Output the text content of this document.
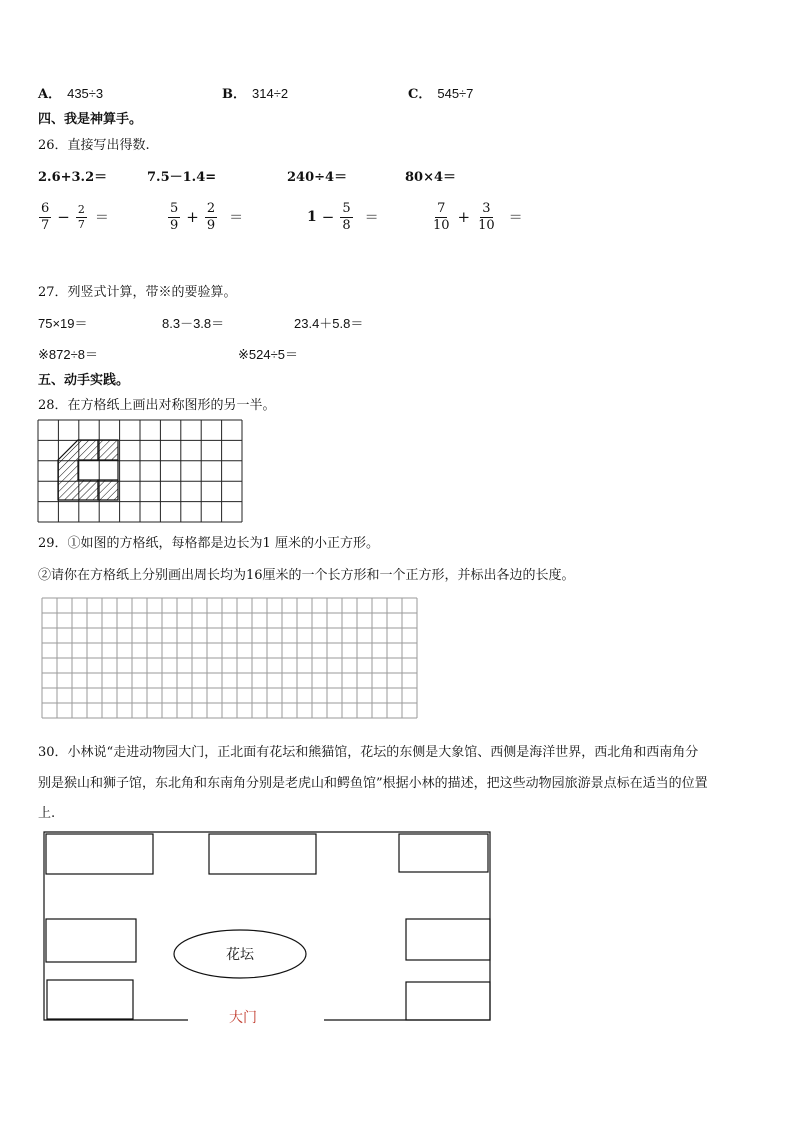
A． 435÷3	B． 314÷2	C． 545÷7
四、我是神算手。
26．直接写出得数.
2.6+3.2＝	7.5－1.4=	240÷4＝	80×4＝
$\frac{6}{7} - \frac{2}{7}$ ＝	$\frac{5}{9} + \frac{2}{9}$ ＝	$1 - \frac{5}{8}$ ＝	$\frac{7}{10} + \frac{3}{10}$ ＝
27．列竖式计算，带※的要验算。
75×19＝	8.3－3.8＝	23.4＋5.8＝
※872÷8＝	※524÷5＝
五、动手实践。
28．在方格纸上画出对称图形的另一半。
29．①如图的方格纸，每格都是边长为1 厘米的小正方形。
②请你在方格纸上分别画出周长均为16厘米的一个长方形和一个正方形，并标出各边的长度。
30．小林说“走进动物园大门，正北面有花坛和熊猫馆，花坛的东侧是大象馆、西侧是海洋世界，西北角和西南角分
别是猴山和狮子馆，东北角和东南角分别是老虎山和鳄鱼馆”根据小林的描述，把这些动物园旅游景点标在适当的位置
上.
花坛
大门
